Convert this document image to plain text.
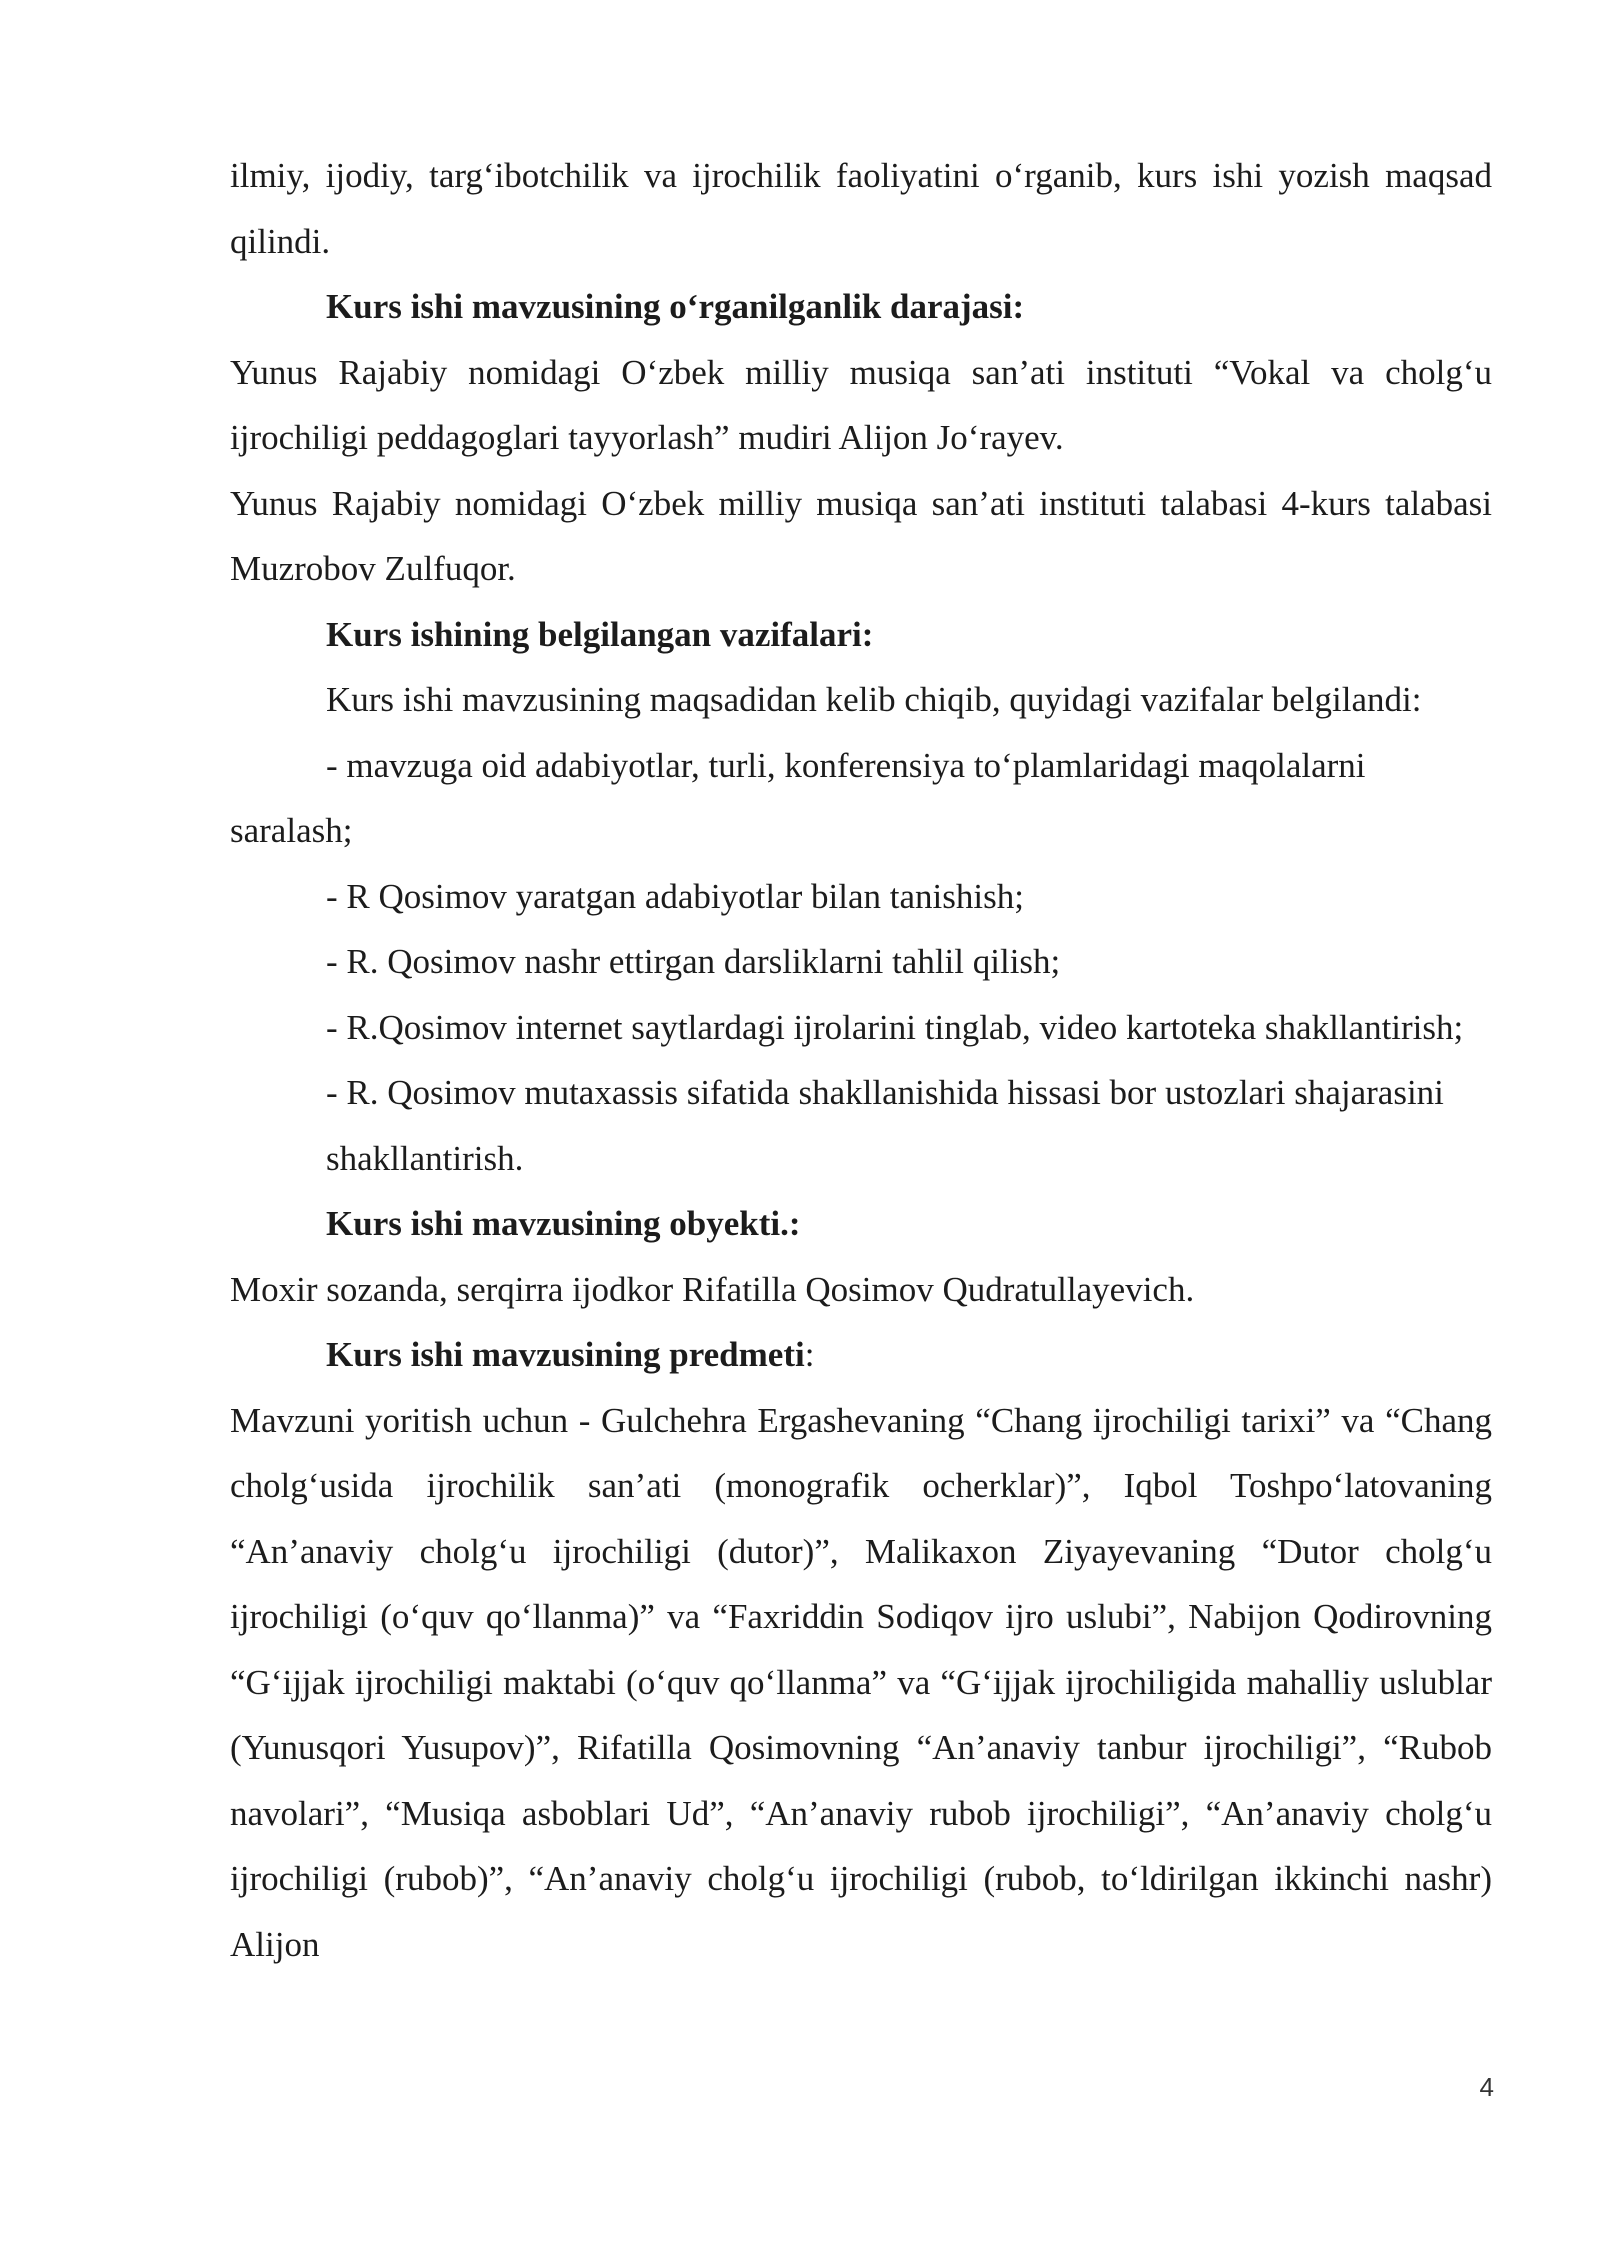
ilmiy, ijodiy, targ‘ibotchilik va ijrochilik faoliyatini o‘rganib, kurs ishi yozish maqsad qilindi.

Kurs ishi mavzusining o‘rganilganlik darajasi:

Yunus Rajabiy nomidagi O‘zbek milliy musiqa san’ati instituti “Vokal va cholg‘u ijrochiligi peddagoglari tayyorlash” mudiri Alijon Jo‘rayev.

Yunus Rajabiy nomidagi O‘zbek milliy musiqa san’ati instituti talabasi 4-kurs talabasi Muzrobov Zulfuqor.

Kurs ishining belgilangan vazifalari:

Kurs ishi mavzusining maqsadidan kelib chiqib, quyidagi vazifalar belgilandi:

- mavzuga oid adabiyotlar, turli, konferensiya to‘plamlaridagi maqolalarni saralash;

- R Qosimov yaratgan adabiyotlar bilan tanishish;

- R. Qosimov nashr ettirgan darsliklarni tahlil qilish;

- R.Qosimov internet saytlardagi ijrolarini tinglab, video kartoteka shakllantirish;

- R. Qosimov mutaxassis sifatida shakllanishida hissasi bor ustozlari shajarasini shakllantirish.

Kurs ishi mavzusining obyekti.:

Moxir sozanda, serqirra ijodkor Rifatilla Qosimov Qudratullayevich.

Kurs ishi mavzusining predmeti:

Mavzuni yoritish uchun - Gulchehra Ergashevaning “Chang ijrochiligi tarixi” va “Chang cholg‘usida ijrochilik san’ati (monografik ocherklar)”, Iqbol Toshpo‘latovaning “An’anaviy cholg‘u ijrochiligi (dutor)”, Malikaxon Ziyayevaning “Dutor cholg‘u ijrochiligi (o‘quv qo‘llanma)” va “Faxriddin Sodiqov ijro uslubi”, Nabijon Qodirovning “G‘ijjak ijrochiligi maktabi (o‘quv qo‘llanma” va “G‘ijjak ijrochiligida mahalliy uslublar (Yunusqori Yusupov)”, Rifatilla Qosimovning “An’anaviy tanbur ijrochiligi”, “Rubob navolari”, “Musiqa asboblari Ud”, “An’anaviy rubob ijrochiligi”, “An’anaviy cholg‘u ijrochiligi (rubob)”, “An’anaviy cholg‘u ijrochiligi (rubob, to‘ldirilgan ikkinchi nashr) Alijon

4
